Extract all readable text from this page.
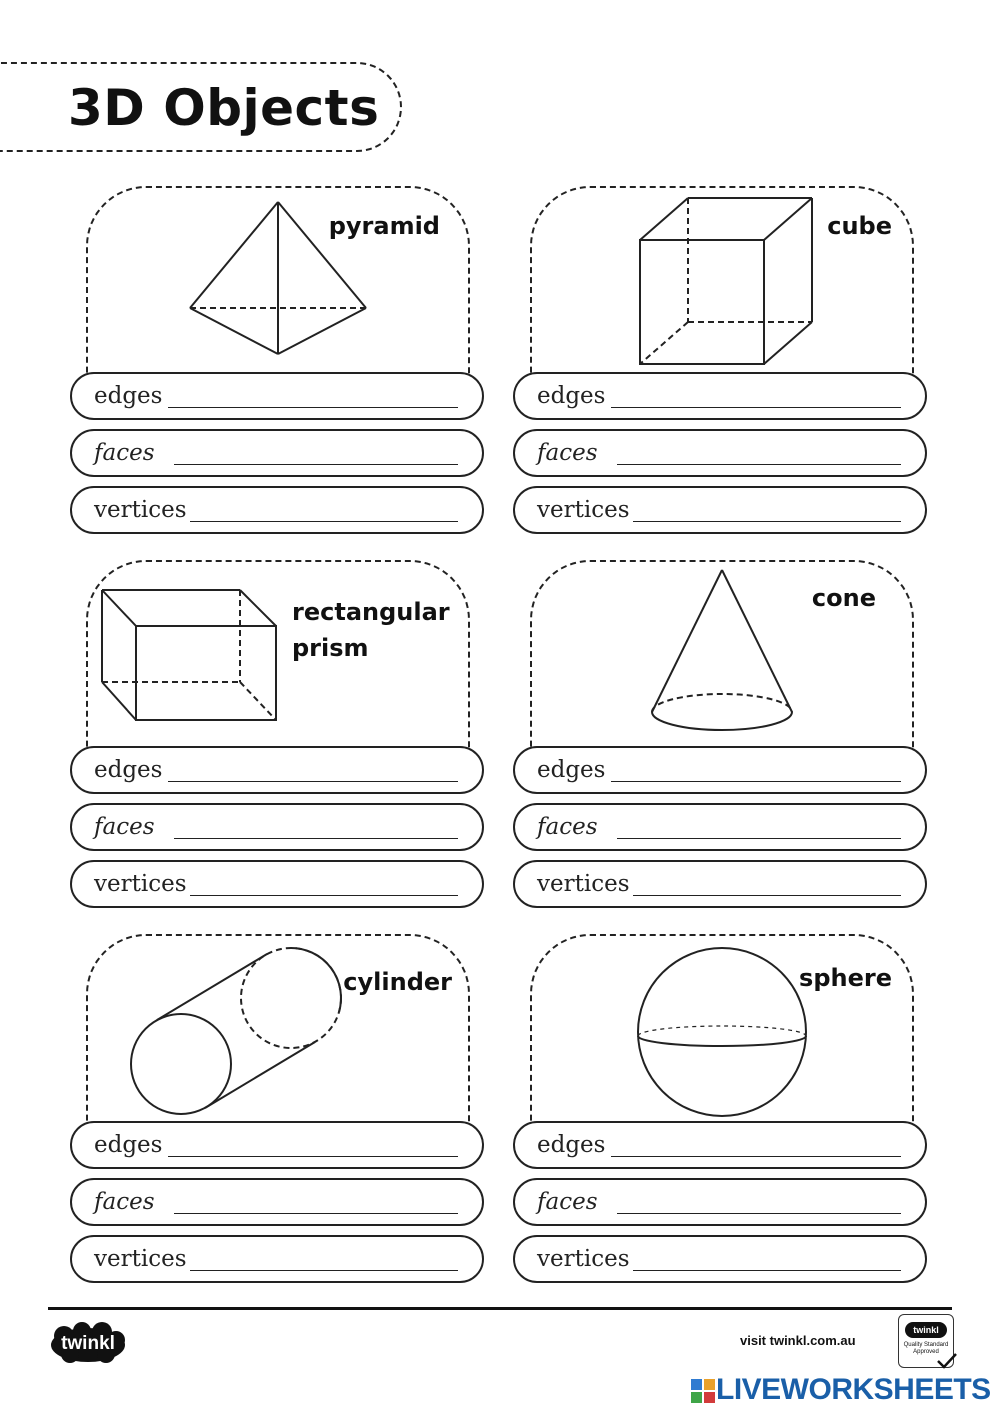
3D Objects
pyramid
edges
faces
vertices
cube
edges
faces
vertices
rectangular
prism
edges
faces
vertices
cone
edges
faces
vertices
cylinder
edges
faces
vertices
sphere
edges
faces
vertices
twinkl	visit twinkl.com.au
twinkl
Quality Standard Approved
LIVEWORKSHEETS
